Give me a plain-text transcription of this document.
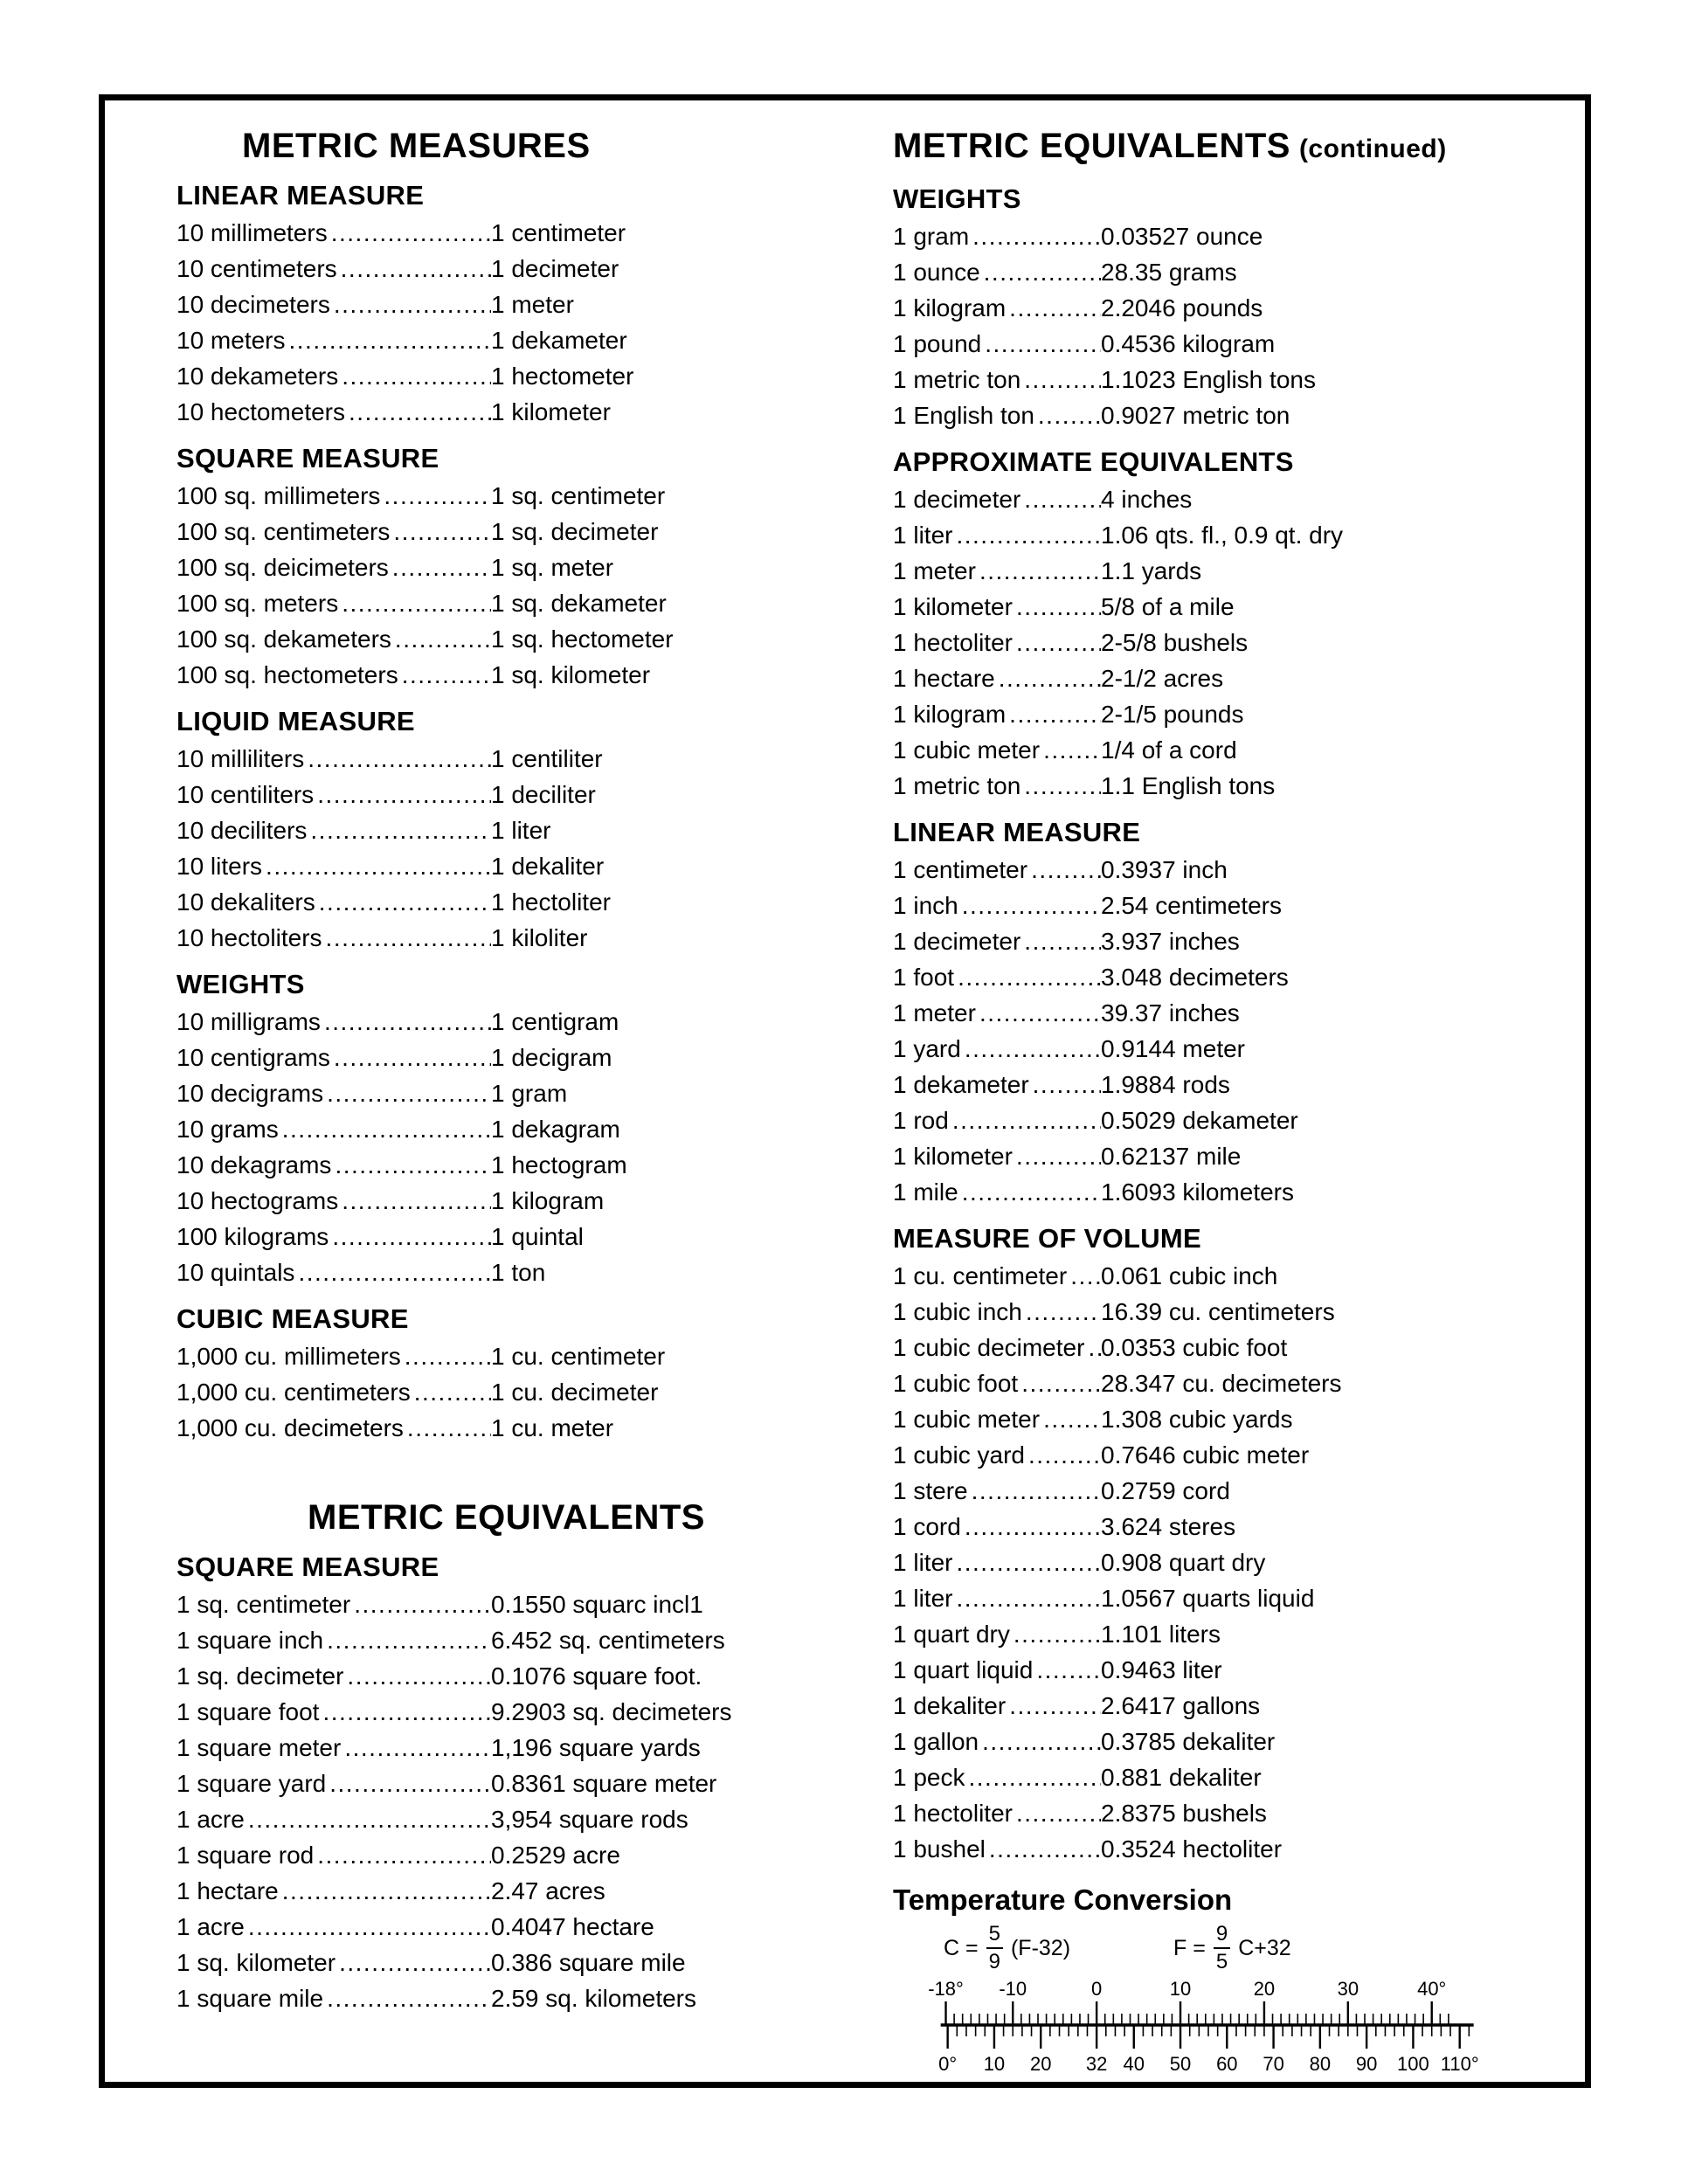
METRIC MEASURES
LINEAR MEASURE
10 millimeters .....	1 centimeter
10 centimeters .....	1 decimeter
10 decimeters .....	1 meter
10 meters .....	1 dekameter
10 dekameters .....	1 hectometer
10 hectometers .....	1 kilometer
SQUARE MEASURE
100 sq. millimeters .....	1 sq. centimeter
100 sq. centimeters .....	1 sq. decimeter
100 sq. deicimeters .....	1 sq. meter
100 sq. meters .....	1 sq. dekameter
100 sq. dekameters .....	1 sq. hectometer
100 sq. hectometers .....	1 sq. kilometer
LIQUID MEASURE
10 milliliters .....	1 centiliter
10 centiliters .....	1 deciliter
10 deciliters .....	1 liter
10 liters .....	1 dekaliter
10 dekaliters .....	1 hectoliter
10 hectoliters .....	1 kiloliter
WEIGHTS
10 milligrams .....	1 centigram
10 centigrams .....	1 decigram
10 decigrams .....	1 gram
10 grams .....	1 dekagram
10 dekagrams .....	1 hectogram
10 hectograms .....	1 kilogram
100 kilograms .....	1 quintal
10 quintals .....	1 ton
CUBIC MEASURE
1,000 cu. millimeters .....	1 cu. centimeter
1,000 cu. centimeters .....	1 cu. decimeter
1,000 cu. decimeters .....	1 cu. meter
METRIC EQUIVALENTS
SQUARE MEASURE
1 sq. centimeter .....	0.1550 squarc incl1
1 square inch .....	6.452 sq. centimeters
1 sq. decimeter .....	0.1076 square foot.
1 square foot .....	9.2903 sq. decimeters
1 square meter .....	1,196 square yards
1 square yard .....	0.8361 square meter
1 acre .....	3,954 square rods
1 square rod .....	0.2529 acre
1 hectare .....	2.47 acres
1 acre .....	0.4047 hectare
1 sq. kilometer .....	0.386 square mile
1 square mile .....	2.59 sq. kilometers
METRIC EQUIVALENTS (continued)
WEIGHTS
1 gram .....	0.03527 ounce
1 ounce .....	28.35 grams
1 kilogram .....	2.2046 pounds
1 pound .....	0.4536 kilogram
1 metric ton .....	1.1023 English tons
1 English ton .....	0.9027 metric ton
APPROXIMATE EQUIVALENTS
1 decimeter .....	4 inches
1 liter .....	1.06 qts. fl., 0.9 qt. dry
1 meter .....	1.1 yards
1 kilometer .....	5/8 of a mile
1 hectoliter .....	2-5/8 bushels
1 hectare .....	2-1/2 acres
1 kilogram .....	2-1/5 pounds
1 cubic meter ..... 1/4 of a cord
1 metric ton .....	1.1 English tons
LINEAR MEASURE
1 centimeter .....	0.3937 inch
1 inch .....	2.54 centimeters
1 decimeter .....	3.937 inches
1 foot .....	3.048 decimeters
1 meter .....	39.37 inches
1 yard .....	0.9144 meter
1 dekameter .....	1.9884 rods
1 rod .....	0.5029 dekameter
1 kilometer .....	0.62137 mile
1 mile .....	1.6093 kilometers
MEASURE OF VOLUME
1 cu. centimeter ..... 0.061 cubic inch
1 cubic inch .....	16.39 cu. centimeters
1 cubic decimeter ..... 0.0353 cubic foot
1 cubic foot .....	28.347 cu. decimeters
1 cubic meter ..... 1.308 cubic yards
1 cubic yard .....	0.7646 cubic meter
1 stere .....	0.2759 cord
1 cord .....	3.624 steres
1 liter .....	0.908 quart dry
1 liter .....	1.0567 quarts liquid
1 quart dry .....	1.101 liters
1 quart liquid .....	0.9463 liter
1 dekaliter .....	2.6417 gallons
1 gallon .....	0.3785 dekaliter
1 peck .....	0.881 dekaliter
1 hectoliter .....	2.8375 bushels
1 bushel .....	0.3524 hectoliter
Temperature Conversion
$C = \frac{5}{9} (F-32)$	$F = \frac{9}{5} C+32$
-18° -10	0	10	20	30	40°
0° 10 20 32 40 50 60 70 80 90 100 110°
